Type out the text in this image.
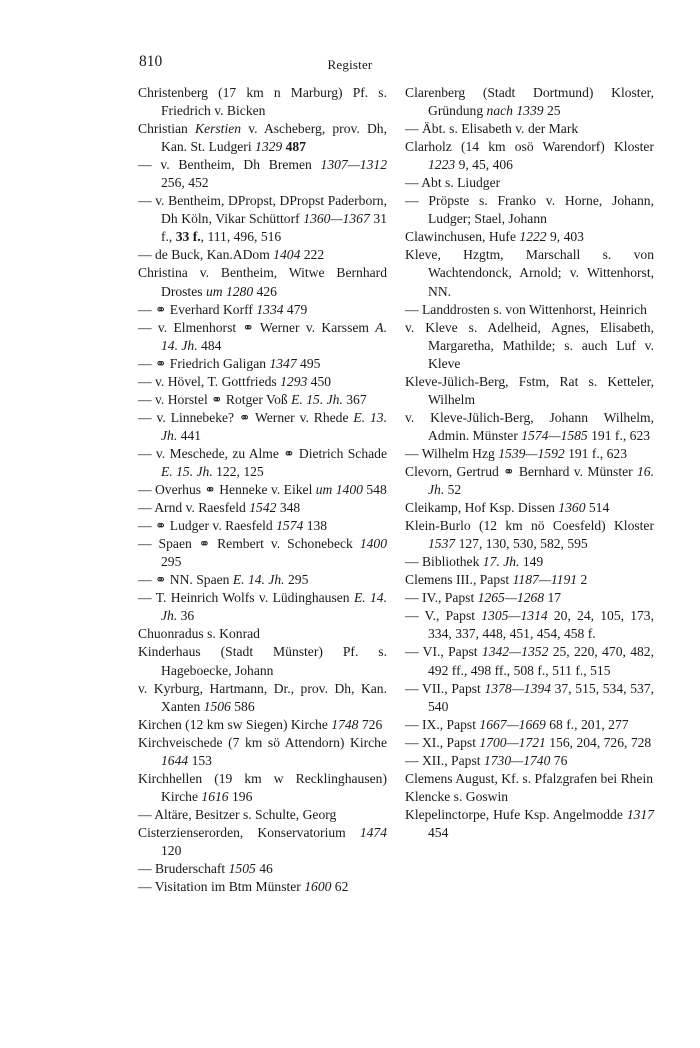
810	Register

Christenberg (17 km n Marburg) Pf. s. Friedrich v. Bicken

Christian Kerstien v. Ascheberg, prov. Dh, Kan. St. Ludgeri 1329 487

— v. Bentheim, Dh Bremen 1307—1312 256, 452

— v. Bentheim, DPropst, DPropst Paderborn, Dh Köln, Vikar Schüttorf 1360—1367 31 f., 33 f., 111, 496, 516

— de Buck, Kan.ADom 1404 222

Christina v. Bentheim, Witwe Bernhard Drostes um 1280 426

— ⚭ Everhard Korff 1334 479

— v. Elmenhorst ⚭ Werner v. Karssem A. 14. Jh. 484

— ⚭ Friedrich Galigan 1347 495

— v. Hövel, T. Gottfrieds 1293 450

— v. Horstel ⚭ Rotger Voß E. 15. Jh. 367

— v. Linnebeke? ⚭ Werner v. Rhede E. 13. Jh. 441

— v. Meschede, zu Alme ⚭ Dietrich Schade E. 15. Jh. 122, 125

— Overhus ⚭ Henneke v. Eikel um 1400 548

— Arnd v. Raesfeld 1542 348

— ⚭ Ludger v. Raesfeld 1574 138

— Spaen ⚭ Rembert v. Schonebeck 1400 295

— ⚭ NN. Spaen E. 14. Jh. 295

— T. Heinrich Wolfs v. Lüdinghausen E. 14. Jh. 36

Chuonradus s. Konrad

Kinderhaus (Stadt Münster) Pf. s. Hageboecke, Johann

v. Kyrburg, Hartmann, Dr., prov. Dh, Kan. Xanten 1506 586

Kirchen (12 km sw Siegen) Kirche 1748 726

Kirchveischede (7 km sö Attendorn) Kirche 1644 153

Kirchhellen (19 km w Recklinghausen) Kirche 1616 196

— Altäre, Besitzer s. Schulte, Georg

Cisterzienserorden, Konservatorium 1474 120

— Bruderschaft 1505 46

— Visitation im Btm Münster 1600 62

Clarenberg (Stadt Dortmund) Kloster, Gründung nach 1339 25

— Äbt. s. Elisabeth v. der Mark

Clarholz (14 km osö Warendorf) Kloster 1223 9, 45, 406

— Abt s. Liudger

— Pröpste s. Franko v. Horne, Johann, Ludger; Stael, Johann

Clawinchusen, Hufe 1222 9, 403

Kleve, Hzgtm, Marschall s. von Wachtendonck, Arnold; v. Wittenhorst, NN.

— Landdrosten s. von Wittenhorst, Heinrich

v. Kleve s. Adelheid, Agnes, Elisabeth, Margaretha, Mathilde; s. auch Luf v. Kleve

Kleve-Jülich-Berg, Fstm, Rat s. Ketteler, Wilhelm

v. Kleve-Jülich-Berg, Johann Wilhelm, Admin. Münster 1574—1585 191 f., 623

— Wilhelm Hzg 1539—1592 191 f., 623

Clevorn, Gertrud ⚭ Bernhard v. Münster 16. Jh. 52

Cleikamp, Hof Ksp. Dissen 1360 514

Klein-Burlo (12 km nö Coesfeld) Kloster 1537 127, 130, 530, 582, 595

— Bibliothek 17. Jh. 149

Clemens III., Papst 1187—1191 2

— IV., Papst 1265—1268 17

— V., Papst 1305—1314 20, 24, 105, 173, 334, 337, 448, 451, 454, 458 f.

— VI., Papst 1342—1352 25, 220, 470, 482, 492 ff., 498 ff., 508 f., 511 f., 515

— VII., Papst 1378—1394 37, 515, 534, 537, 540

— IX., Papst 1667—1669 68 f., 201, 277

— XI., Papst 1700—1721 156, 204, 726, 728

— XII., Papst 1730—1740 76

Clemens August, Kf. s. Pfalzgrafen bei Rhein

Klencke s. Goswin

Klepelinctorpe, Hufe Ksp. Angelmodde 1317 454
